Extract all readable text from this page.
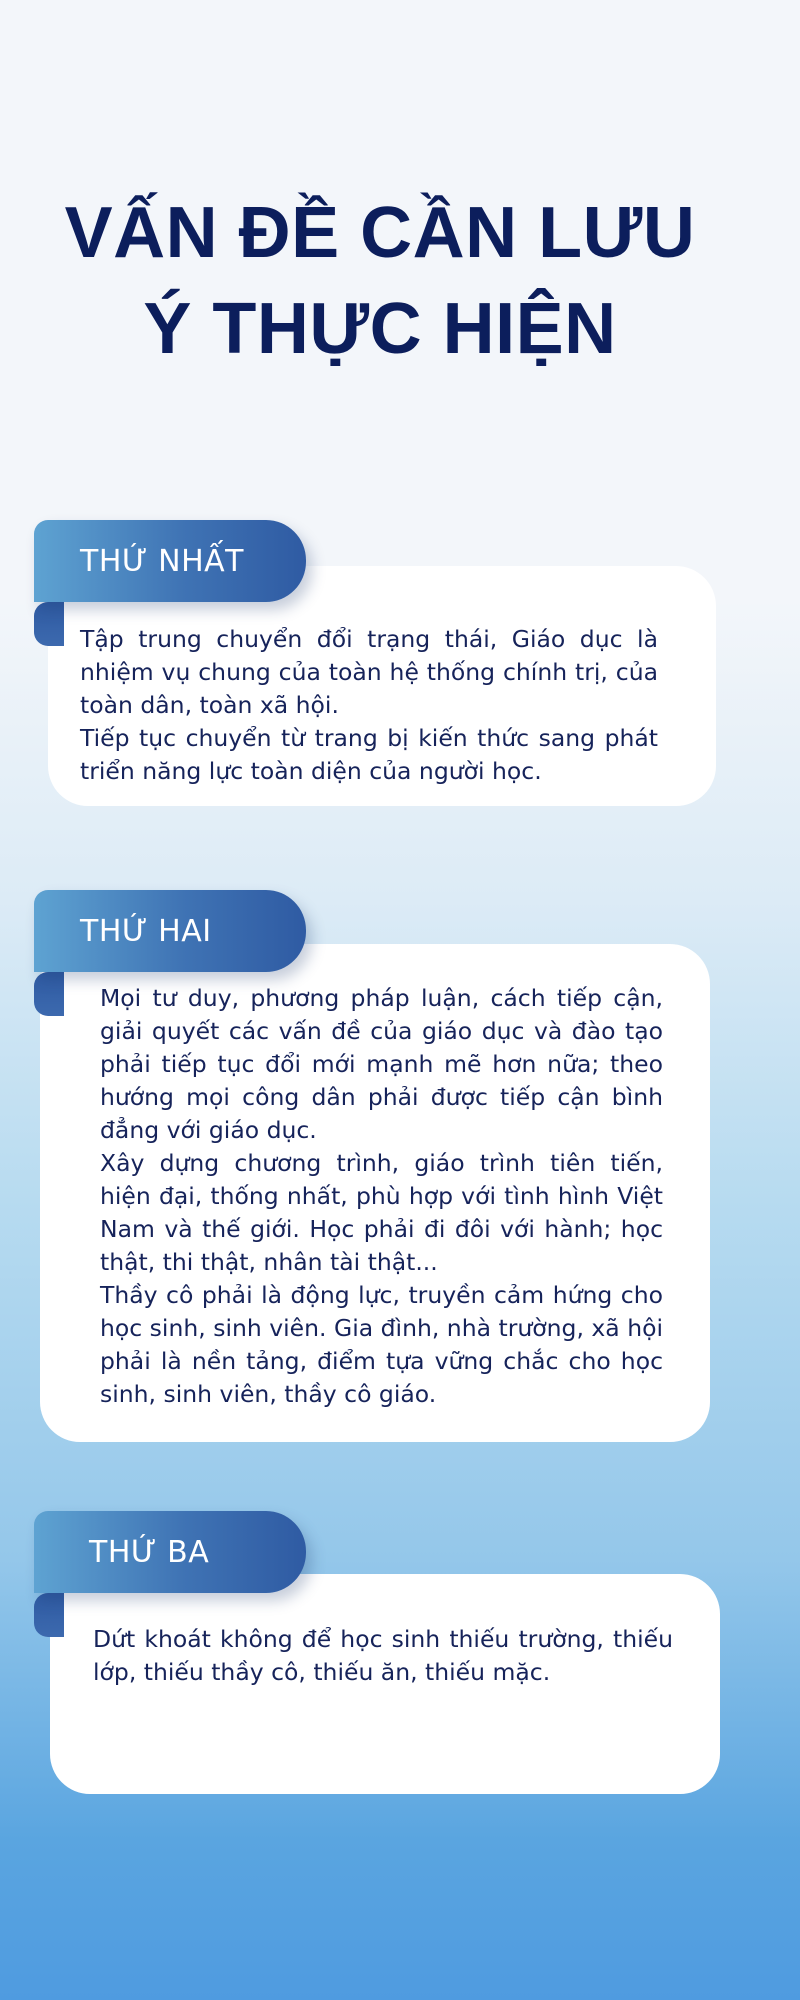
VẤN ĐỀ CẦN LƯU
Ý THỰC HIỆN
THỨ NHẤT

Tập trung chuyển đổi trạng thái, Giáo dục là nhiệm vụ chung của toàn hệ thống chính trị, của toàn dân, toàn xã hội.

Tiếp tục chuyển từ trang bị kiến thức sang phát triển năng lực toàn diện của người học.

THỨ HAI

Mọi tư duy, phương pháp luận, cách tiếp cận, giải quyết các vấn đề của giáo dục và đào tạo phải tiếp tục đổi mới mạnh mẽ hơn nữa; theo hướng mọi công dân phải được tiếp cận bình đẳng với giáo dục.

Xây dựng chương trình, giáo trình tiên tiến, hiện đại, thống nhất, phù hợp với tình hình Việt Nam và thế giới. Học phải đi đôi với hành; học thật, thi thật, nhân tài thật...

Thầy cô phải là động lực, truyền cảm hứng cho học sinh, sinh viên. Gia đình, nhà trường, xã hội phải là nền tảng, điểm tựa vững chắc cho học sinh, sinh viên, thầy cô giáo.

THỨ BA

Dứt khoát không để học sinh thiếu trường, thiếu lớp, thiếu thầy cô, thiếu ăn, thiếu mặc.
